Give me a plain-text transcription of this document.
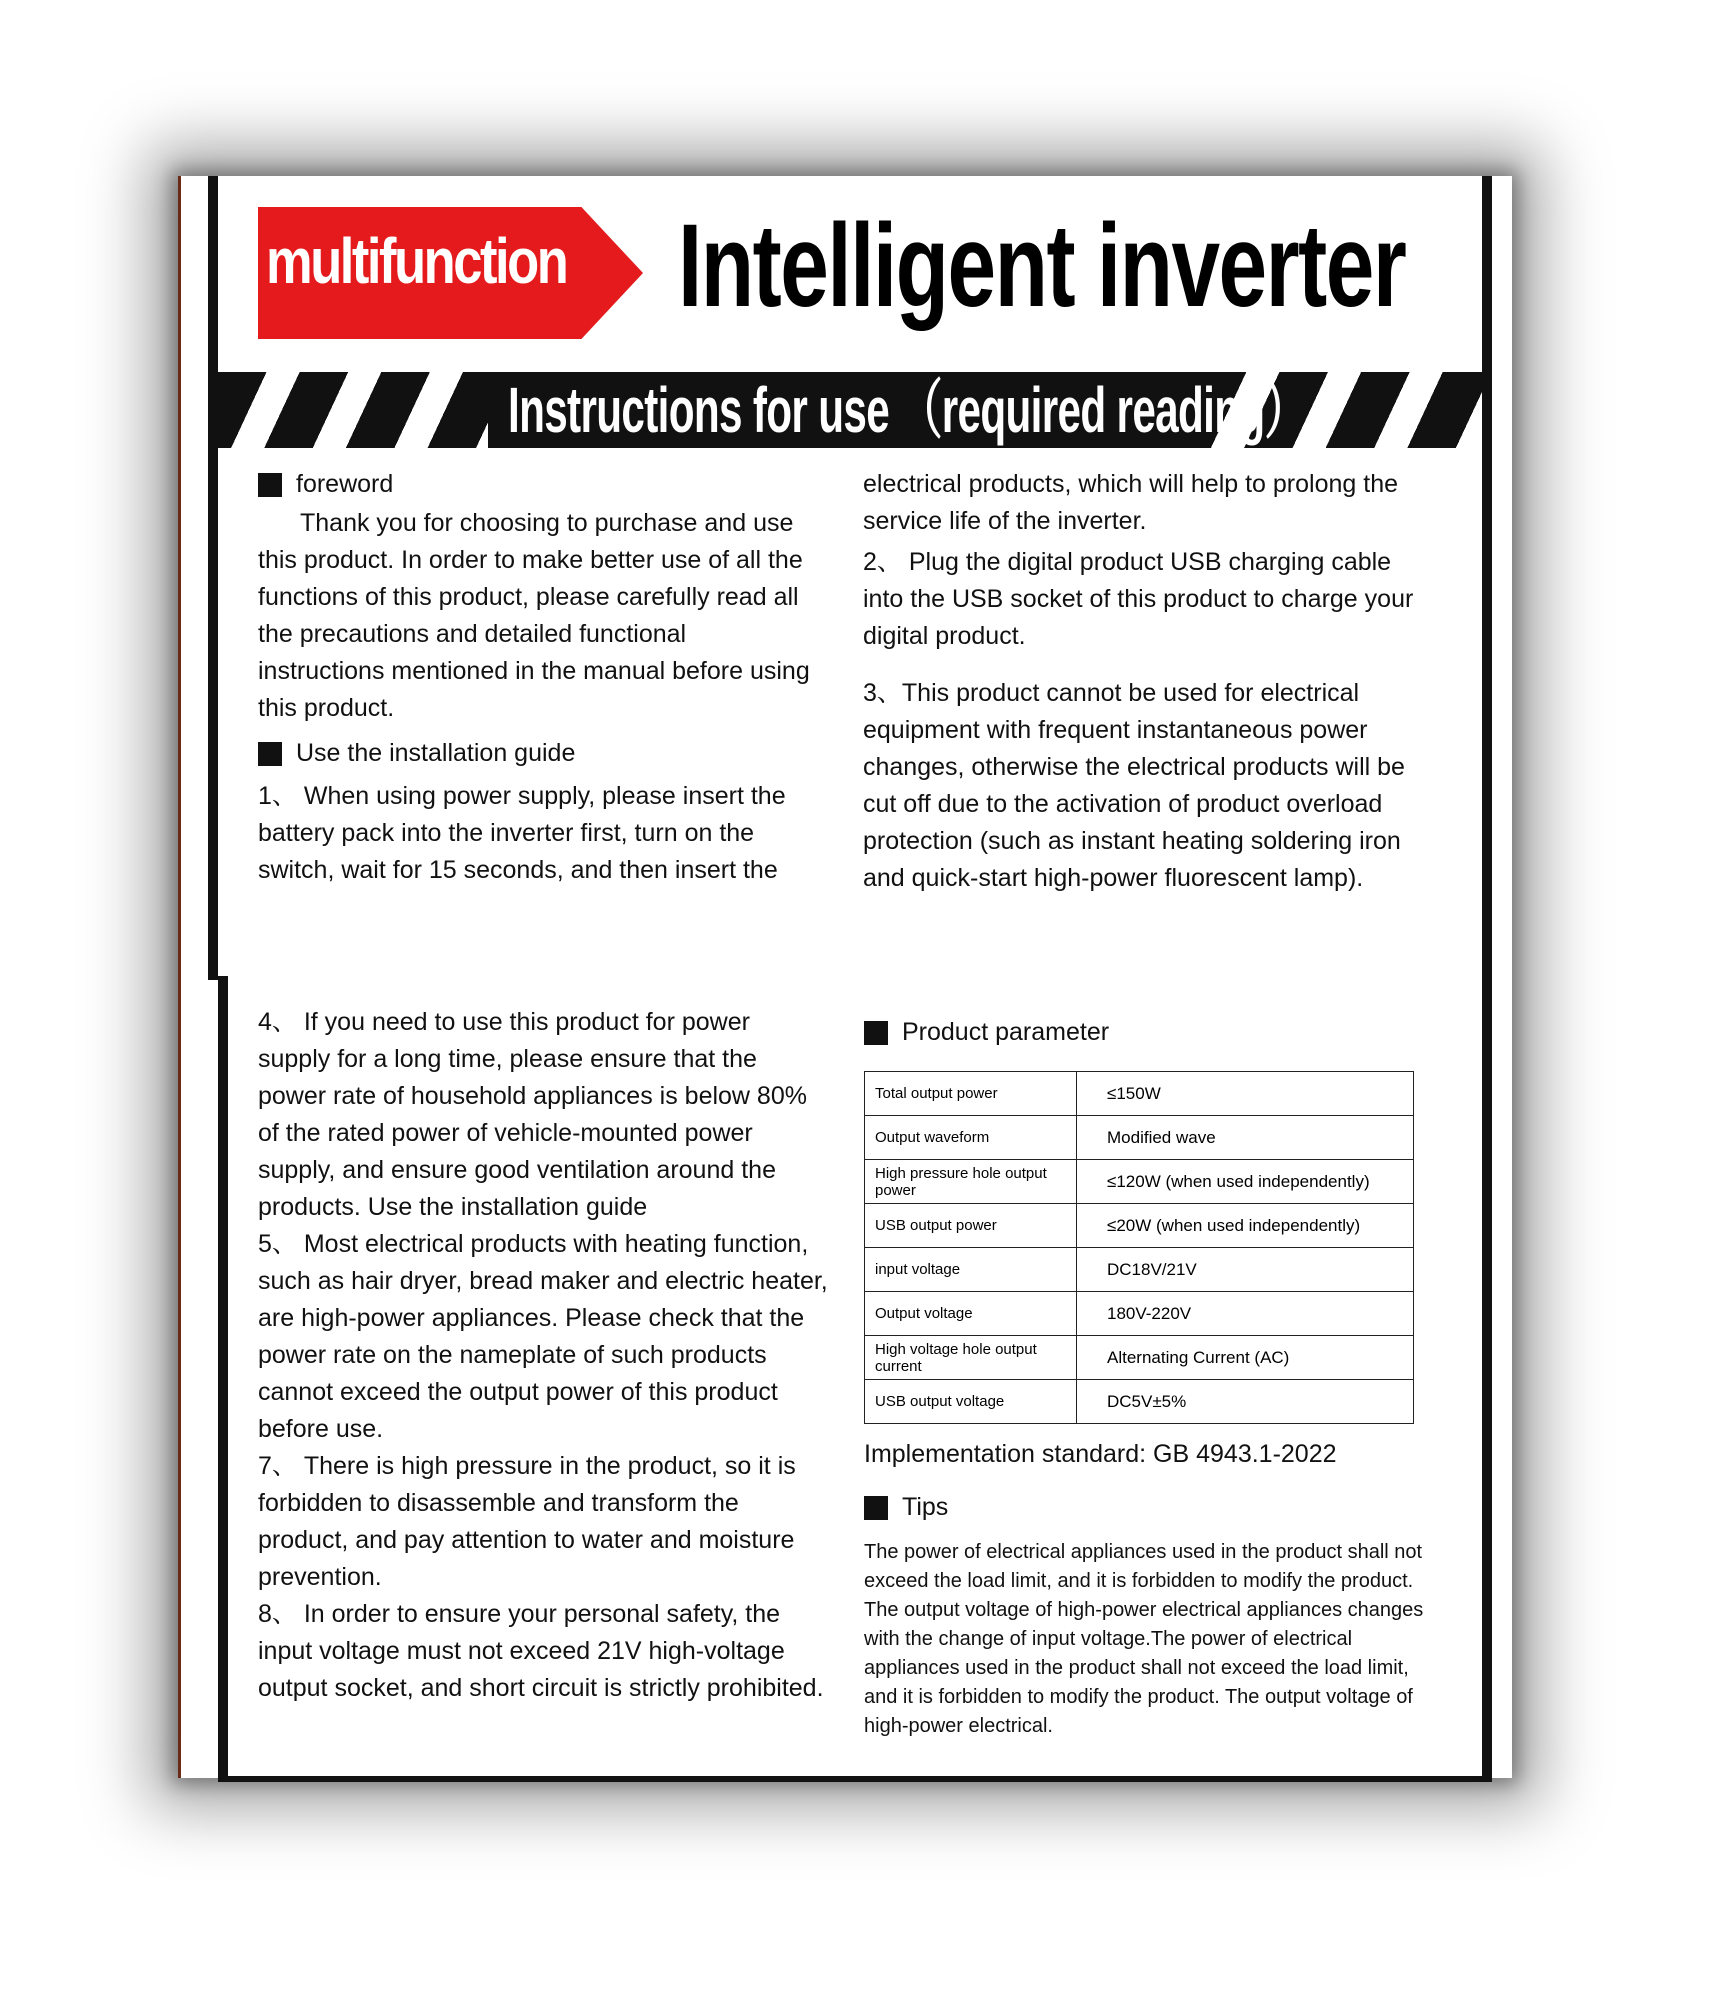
multifunction Intelligent inverter
Instructions for use （required reading）
foreword

Thank you for choosing to purchase and use this product. In order to make better use of all the functions of this product, please carefully read all the precautions and detailed functional instructions mentioned in the manual before using this product.

Use the installation guide

1、 When using power supply, please insert the battery pack into the inverter first, turn on the switch, wait for 15 seconds, and then insert the

electrical products, which will help to prolong the service life of the inverter.

2、 Plug the digital product USB charging cable into the USB socket of this product to charge your digital product.

3、This product cannot be used for electrical equipment with frequent instantaneous power changes, otherwise the electrical products will be cut off due to the activation of product overload protection (such as instant heating soldering iron and quick-start high-power fluorescent lamp).

4、 If you need to use this product for power supply for a long time, please ensure that the power rate of household appliances is below 80% of the rated power of vehicle-mounted power supply, and ensure good ventilation around the products. Use the installation guide

5、 Most electrical products with heating function, such as hair dryer, bread maker and electric heater, are high-power appliances. Please check that the power rate on the nameplate of such products cannot exceed the output power of this product before use.

7、 There is high pressure in the product, so it is forbidden to disassemble and transform the product, and pay attention to water and moisture prevention.

8、 In order to ensure your personal safety, the input voltage must not exceed 21V high-voltage output socket, and short circuit is strictly prohibited.

Product parameter
Total output power	≤150W
Output waveform	Modified wave
High pressure hole output power	≤120W (when used independently)
USB output power	≤20W (when used independently)
input voltage	DC18V/21V
Output voltage	180V-220V
High voltage hole output current	Alternating Current (AC)
USB output voltage	DC5V±5%

Implementation standard: GB 4943.1-2022

Tips

The power of electrical appliances used in the product shall not exceed the load limit, and it is forbidden to modify the product. The output voltage of high-power electrical appliances changes with the change of input voltage.The power of electrical appliances used in the product shall not exceed the load limit, and it is forbidden to modify the product. The output voltage of high-power electrical.
